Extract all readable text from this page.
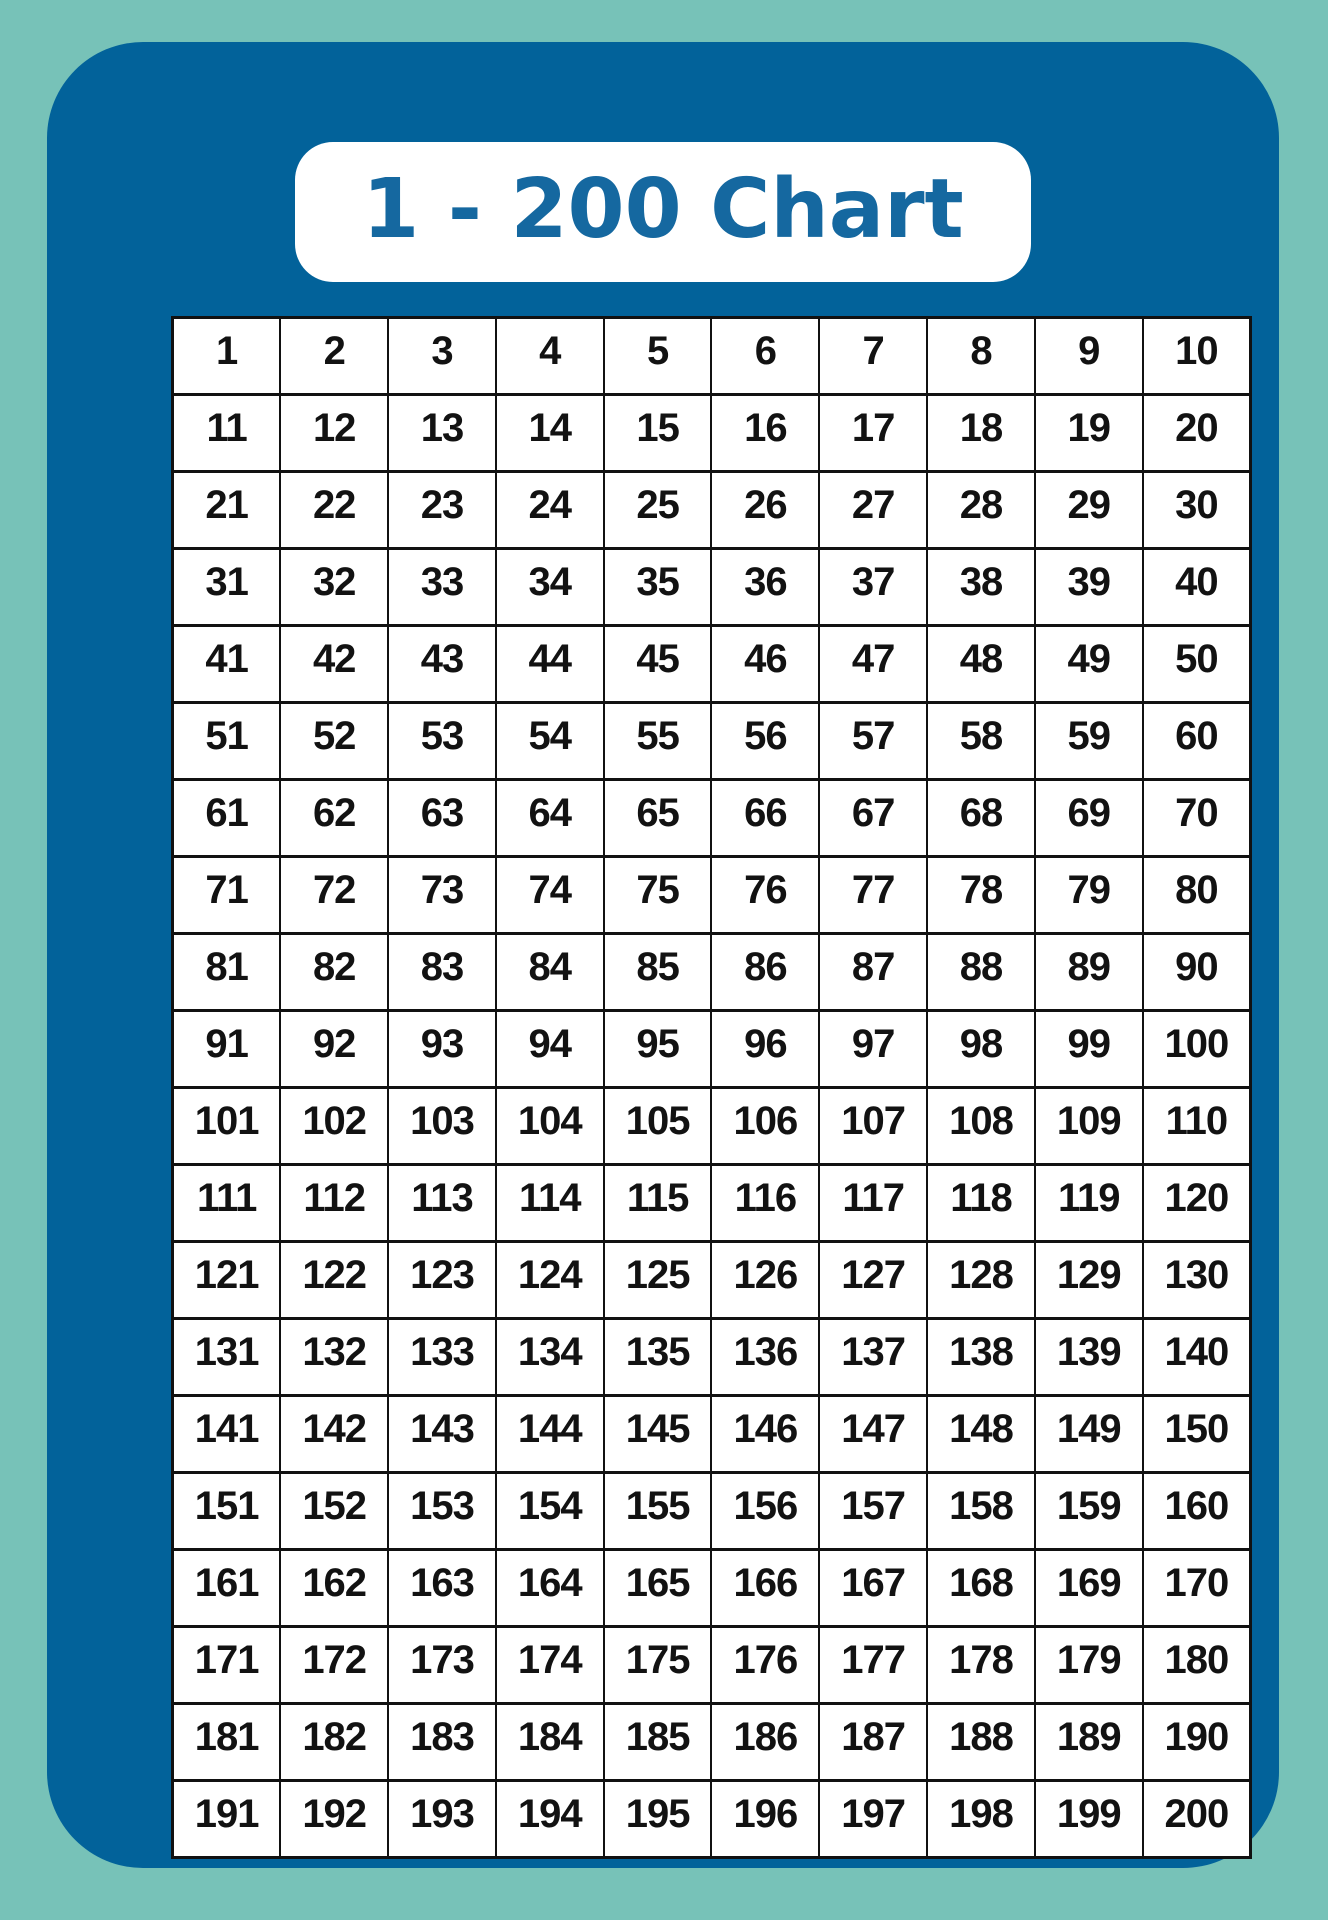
1 - 200 Chart
1	2	3	4	5	6	7	8	9	10
11	12	13	14	15	16	17	18	19	20
21	22	23	24	25	26	27	28	29	30
31	32	33	34	35	36	37	38	39	40
41	42	43	44	45	46	47	48	49	50
51	52	53	54	55	56	57	58	59	60
61	62	63	64	65	66	67	68	69	70
71	72	73	74	75	76	77	78	79	80
81	82	83	84	85	86	87	88	89	90
91	92	93	94	95	96	97	98	99	100
101	102	103	104	105	106	107	108	109	110
111	112	113	114	115	116	117	118	119	120
121	122	123	124	125	126	127	128	129	130
131	132	133	134	135	136	137	138	139	140
141	142	143	144	145	146	147	148	149	150
151	152	153	154	155	156	157	158	159	160
161	162	163	164	165	166	167	168	169	170
171	172	173	174	175	176	177	178	179	180
181	182	183	184	185	186	187	188	189	190
191	192	193	194	195	196	197	198	199	200
